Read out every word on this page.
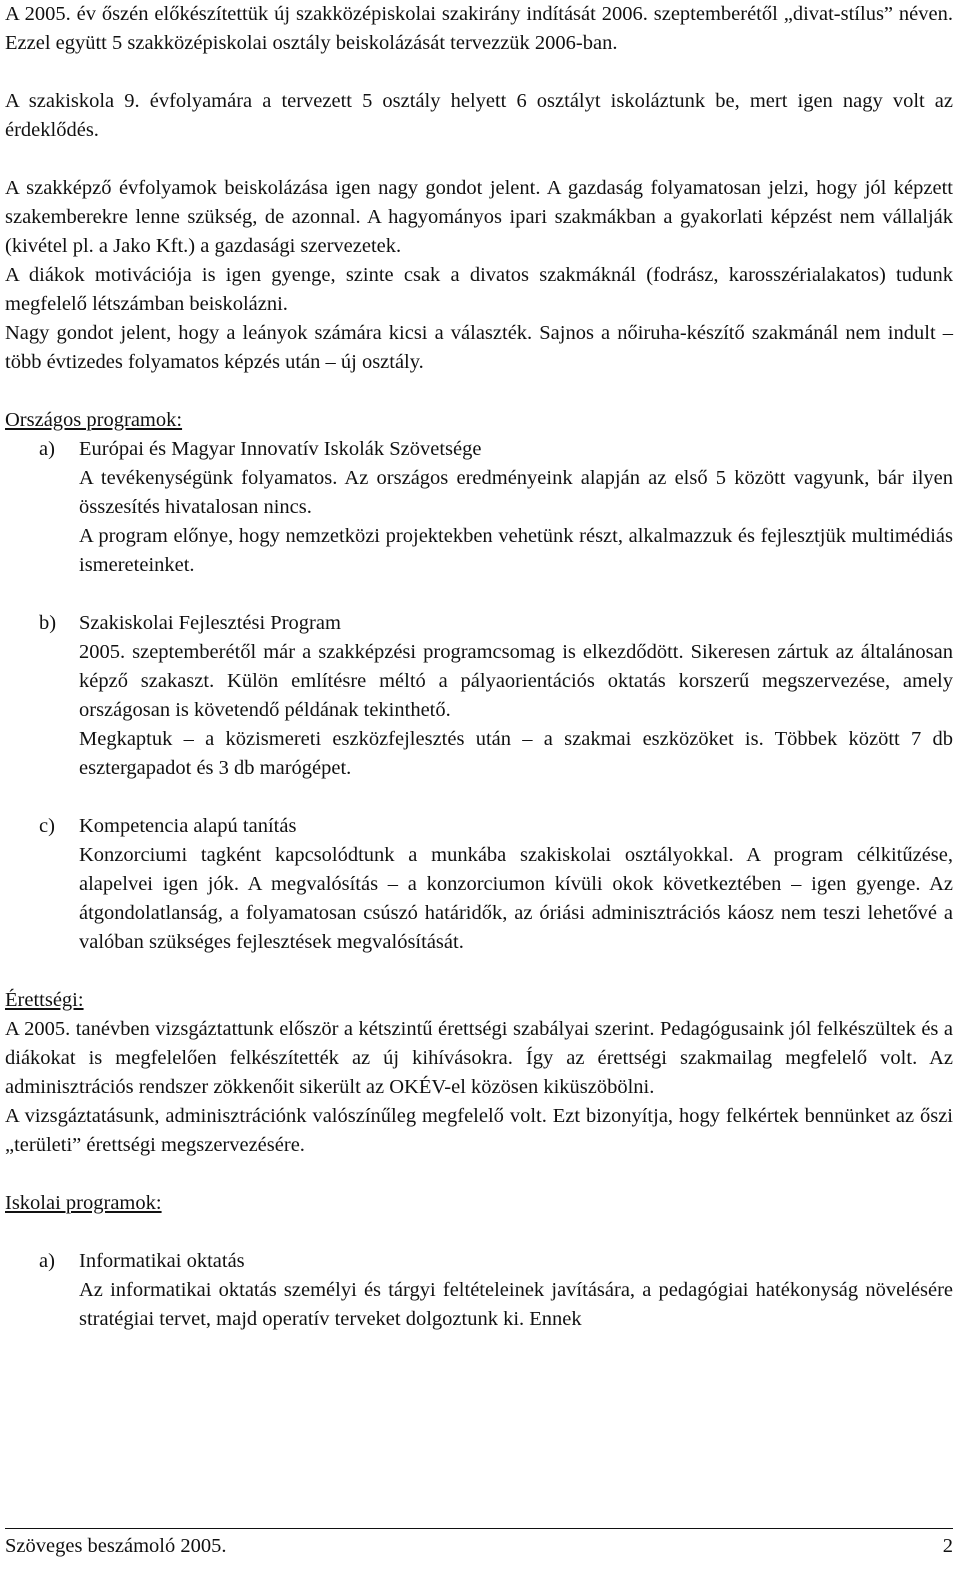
A 2005. év őszén előkészítettük új szakközépiskolai szakirány indítását 2006. szeptemberétől „divat-stílus” néven. Ezzel együtt 5 szakközépiskolai osztály beiskolázását tervezzük 2006-ban.

A szakiskola 9. évfolyamára a tervezett 5 osztály helyett 6 osztályt iskoláztunk be, mert igen nagy volt az érdeklődés.

A szakképző évfolyamok beiskolázása igen nagy gondot jelent. A gazdaság folyamatosan jelzi, hogy jól képzett szakemberekre lenne szükség, de azonnal. A hagyományos ipari szakmákban a gyakorlati képzést nem vállalják (kivétel pl. a Jako Kft.) a gazdasági szervezetek.

A diákok motivációja is igen gyenge, szinte csak a divatos szakmáknál (fodrász, karosszérialakatos) tudunk megfelelő létszámban beiskolázni.

Nagy gondot jelent, hogy a leányok számára kicsi a választék. Sajnos a nőiruha-készítő szakmánál nem indult – több évtizedes folyamatos képzés után – új osztály.

Országos programok:

a) Európai és Magyar Innovatív Iskolák Szövetsége

A tevékenységünk folyamatos. Az országos eredményeink alapján az első 5 között vagyunk, bár ilyen összesítés hivatalosan nincs.

A program előnye, hogy nemzetközi projektekben vehetünk részt, alkalmazzuk és fejlesztjük multimédiás ismereteinket.

b) Szakiskolai Fejlesztési Program

2005. szeptemberétől már a szakképzési programcsomag is elkezdődött. Sikeresen zártuk az általánosan képző szakaszt. Külön említésre méltó a pályaorientációs oktatás korszerű megszervezése, amely országosan is követendő példának tekinthető.

Megkaptuk – a közismereti eszközfejlesztés után – a szakmai eszközöket is. Többek között 7 db esztergapadot és 3 db marógépet.

c) Kompetencia alapú tanítás

Konzorciumi tagként kapcsolódtunk a munkába szakiskolai osztályokkal. A program célkitűzése, alapelvei igen jók. A megvalósítás – a konzorciumon kívüli okok következtében – igen gyenge. Az átgondolatlanság, a folyamatosan csúszó határidők, az óriási adminisztrációs káosz nem teszi lehetővé a valóban szükséges fejlesztések megvalósítását.

Érettségi:

A 2005. tanévben vizsgáztattunk először a kétszintű érettségi szabályai szerint. Pedagógusaink jól felkészültek és a diákokat is megfelelően felkészítették az új kihívásokra. Így az érettségi szakmailag megfelelő volt. Az adminisztrációs rendszer zökkenőit sikerült az OKÉV-el közösen kiküszöbölni.

A vizsgáztatásunk, adminisztrációnk valószínűleg megfelelő volt. Ezt bizonyítja, hogy felkértek bennünket az őszi „területi” érettségi megszervezésére.

Iskolai programok:

a) Informatikai oktatás

Az informatikai oktatás személyi és tárgyi feltételeinek javítására, a pedagógiai hatékonyság növelésére stratégiai tervet, majd operatív terveket dolgoztunk ki. Ennek

Szöveges beszámoló 2005.	2
